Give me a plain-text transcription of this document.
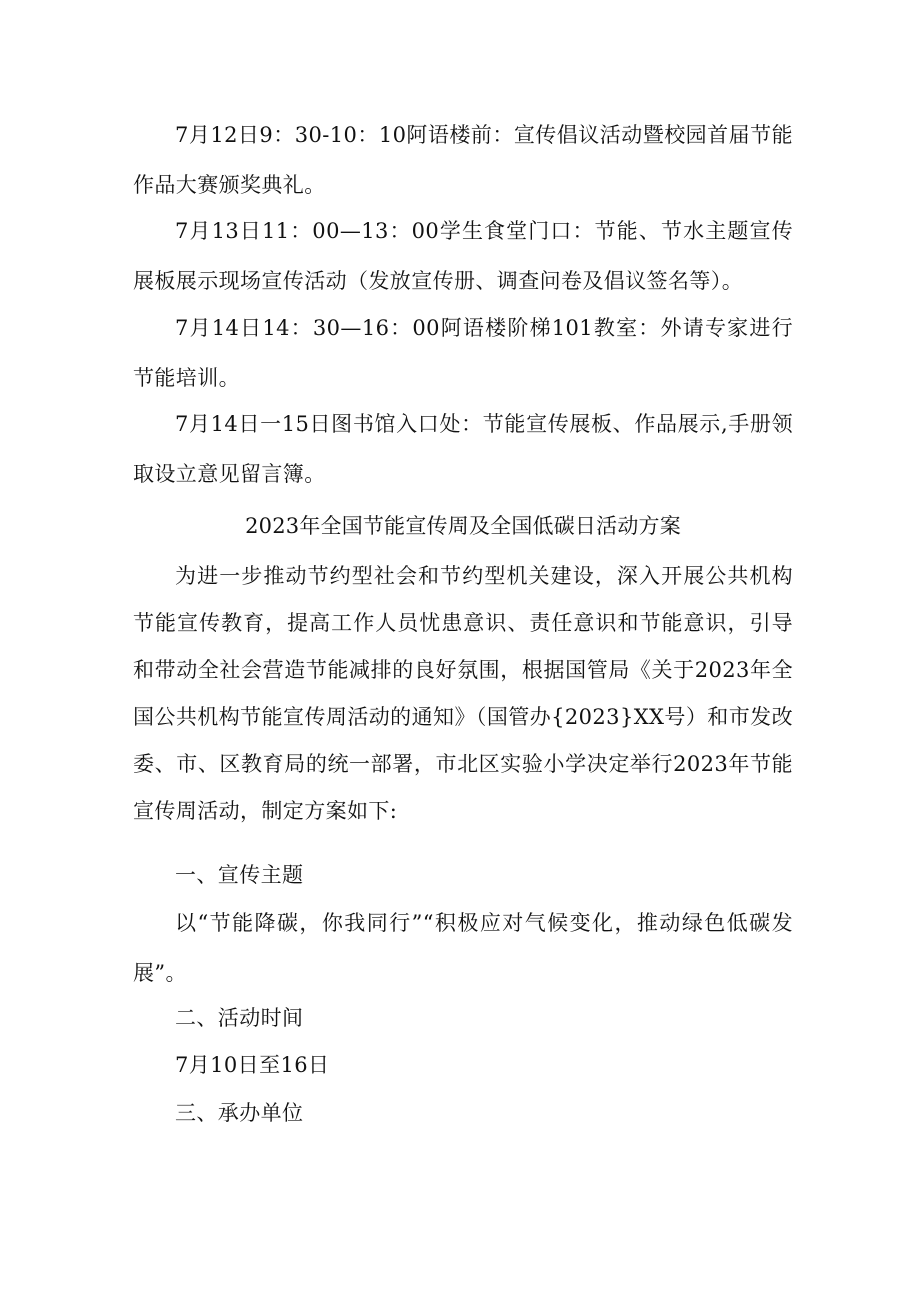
7月12日9：30-10：10阿语楼前：宣传倡议活动暨校园首届节能作品大赛颁奖典礼。

7月13日11：00—13：00学生食堂门口：节能、节水主题宣传展板展示现场宣传活动（发放宣传册、调查问卷及倡议签名等）。

7月14日14：30—16：00阿语楼阶梯101教室：外请专家进行节能培训。

7月14日一15日图书馆入口处：节能宣传展板、作品展示,手册领取设立意见留言簿。

2023年全国节能宣传周及全国低碳日活动方案

为进一步推动节约型社会和节约型机关建设，深入开展公共机构节能宣传教育，提高工作人员忧患意识、责任意识和节能意识，引导和带动全社会营造节能减排的良好氛围，根据国管局《关于2023年全国公共机构节能宣传周活动的通知》（国管办{2023}XX号）和市发改委、市、区教育局的统一部署，市北区实验小学决定举行2023年节能宣传周活动，制定方案如下:

一、宣传主题

以“节能降碳，你我同行”“积极应对气候变化，推动绿色低碳发展”。

二、活动时间

7月10日至16日

三、承办单位
